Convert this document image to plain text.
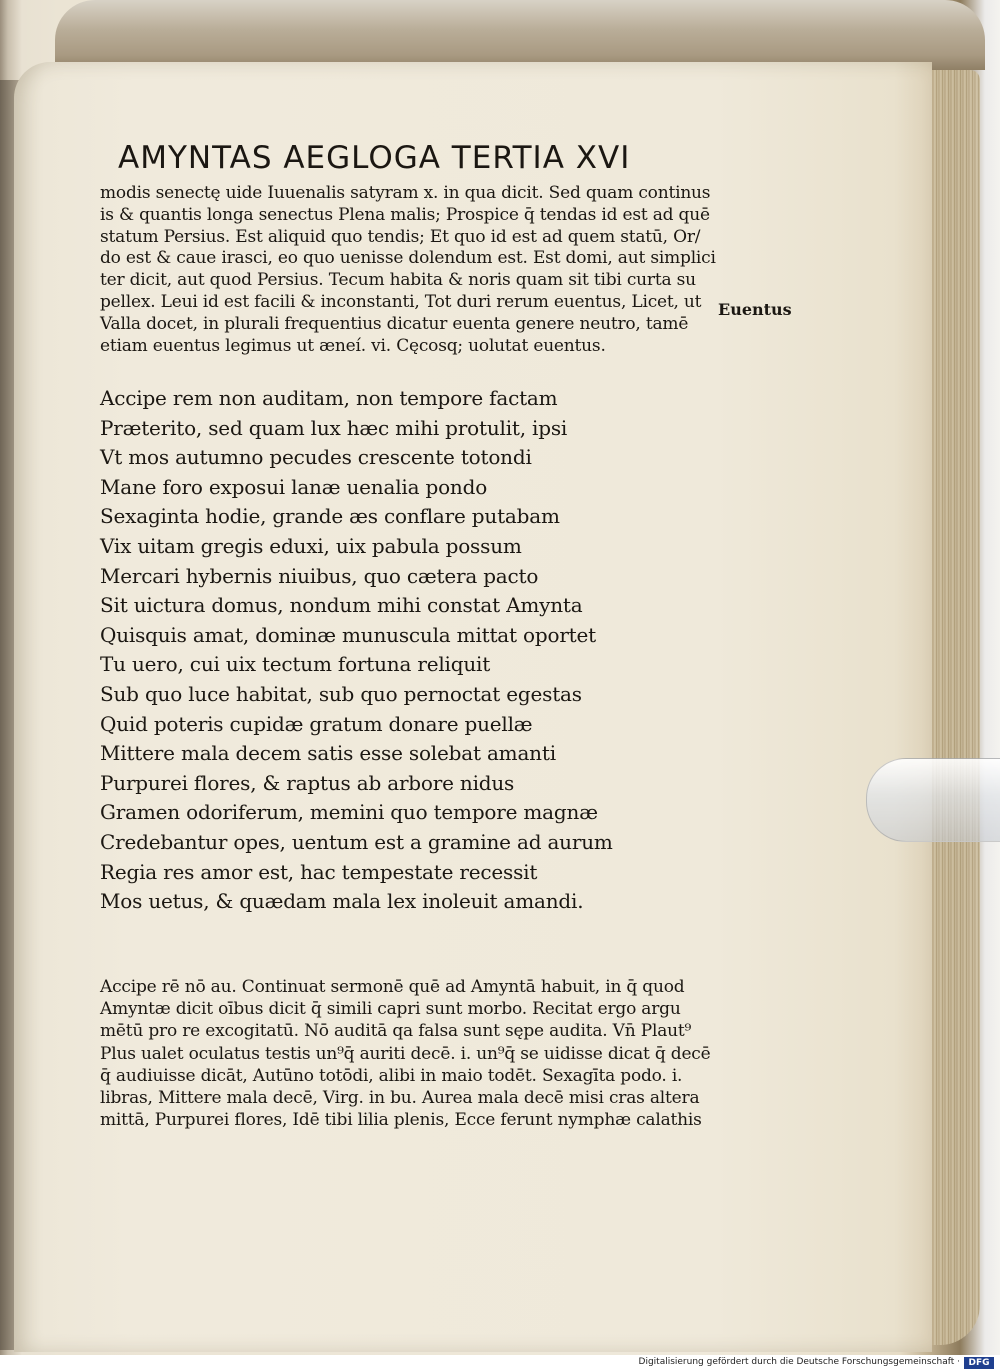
AMYNTAS AEGLOGA TERTIA XVI
modis senectę uide Iuuenalis satyram x. in qua dicit. Sed quam continus
is & quantis longa senectus Plena malis; Prospice q̄ tendas id est ad quē
statum Persius. Est aliquid quo tendis; Et quo id est ad quem statū, Or/
do est & caue irasci, eo quo uenisse dolendum est. Est domi, aut simplici
ter dicit, aut quod Persius. Tecum habita & noris quam sit tibi curta su
pellex. Leui id est facili & inconstanti, Tot duri rerum euentus, Licet, ut
Valla docet, in plurali frequentius dicatur euenta genere neutro, tamē
etiam euentus legimus ut æneí. vi. Cęcosq; uolutat euentus.
Euentus
Accipe rem non auditam, non tempore factam
Præterito, sed quam lux hæc mihi protulit, ipsi
Vt mos autumno pecudes crescente totondi
Mane foro exposui lanæ uenalia pondo
Sexaginta hodie, grande æs conflare putabam
Vix uitam gregis eduxi, uix pabula possum
Mercari hybernis niuibus, quo cætera pacto
Sit uictura domus, nondum mihi constat Amynta
Quisquis amat, dominæ munuscula mittat oportet
Tu uero, cui uix tectum fortuna reliquit
Sub quo luce habitat, sub quo pernoctat egestas
Quid poteris cupidæ gratum donare puellæ
Mittere mala decem satis esse solebat amanti
Purpurei flores, & raptus ab arbore nidus
Gramen odoriferum, memini quo tempore magnæ
Credebantur opes, uentum est a gramine ad aurum
Regia res amor est, hac tempestate recessit
Mos uetus, & quædam mala lex inoleuit amandi.
Accipe rē nō au. Continuat sermonē quē ad Amyntā habuit, in q̄ quod
Amyntæ dicit oībus dicit q̄ simili capri sunt morbo. Recitat ergo argu
mētū pro re excogitatū. Nō auditā qa falsa sunt sępe audita. Vn̄ Plaut⁹
Plus ualet oculatus testis un⁹q̄ auriti decē. i. un⁹q̄ se uidisse dicat q̄ decē
q̄ audiuisse dicāt, Autūno totōdi, alibi in maio todēt. Sexagīta podo. i.
libras, Mittere mala decē, Virg. in bu. Aurea mala decē misi cras altera
mittā, Purpurei flores, Idē tibi lilia plenis, Ecce ferunt nymphæ calathis
Digitalisierung gefördert durch die Deutsche Forschungsgemeinschaft · DFG
